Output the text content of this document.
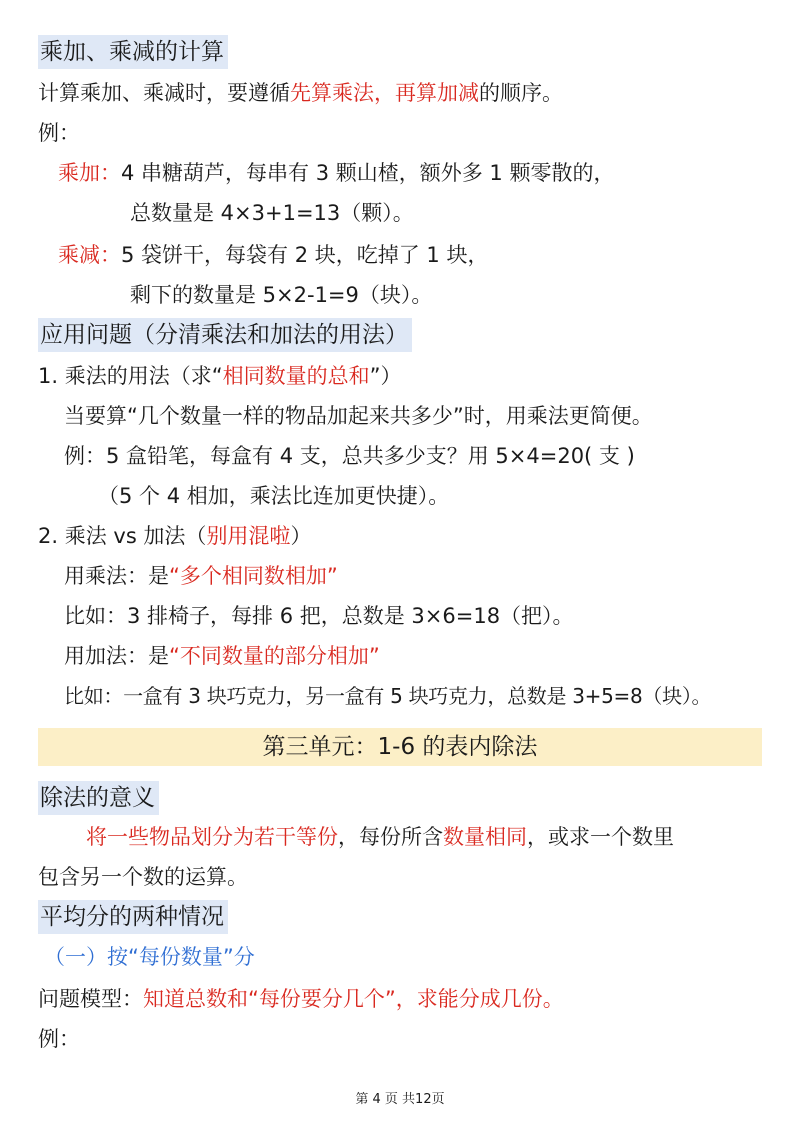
乘加、乘减的计算
计算乘加、乘减时，要遵循先算乘法，再算加减的顺序。
例：
乘加：4 串糖葫芦，每串有 3 颗山楂，额外多 1 颗零散的，
总数量是 4×3+1=13（颗）。
乘减：5 袋饼干，每袋有 2 块，吃掉了 1 块，
剩下的数量是 5×2-1=9（块）。
应用问题（分清乘法和加法的用法）
1. 乘法的用法（求“相同数量的总和”）
当要算“几个数量一样的物品加起来共多少”时，用乘法更简便。
例：5 盒铅笔，每盒有 4 支，总共多少支？用 5×4=20( 支 )
（5 个 4 相加，乘法比连加更快捷）。
2. 乘法 vs 加法（别用混啦）
用乘法：是“多个相同数相加”
比如：3 排椅子，每排 6 把，总数是 3×6=18（把）。
用加法：是“不同数量的部分相加”
比如：一盒有 3 块巧克力，另一盒有 5 块巧克力，总数是 3+5=8（块）。
第三单元：1-6 的表内除法
除法的意义
将一些物品划分为若干等份，每份所含数量相同，或求一个数里
包含另一个数的运算。
平均分的两种情况
（一）按“每份数量”分
问题模型：知道总数和“每份要分几个”，求能分成几份。
例：
第 4 页 共12页
